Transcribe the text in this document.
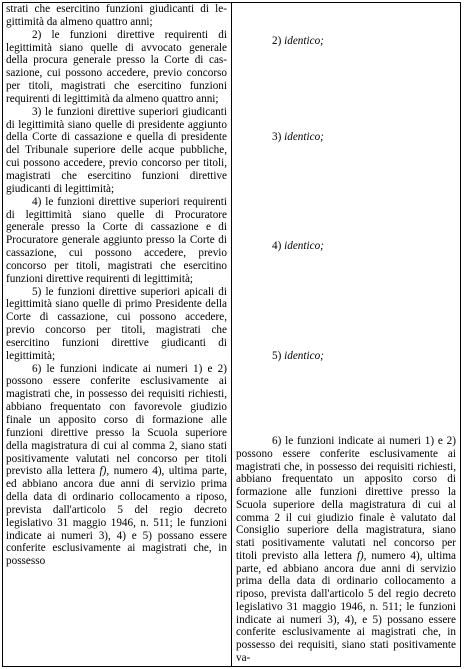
strati che esercitino funzioni giudicanti di legittimità da almeno quattro anni;

2) le funzioni direttive requirenti di legittimità siano quelle di avvocato generale della procura generale presso la Corte di cassazione, cui possono accedere, previo concorso per titoli, magistrati che esercitino funzioni requirenti di legittimità da almeno quattro anni;

3) le funzioni direttive superiori giudicanti di legittimità siano quelle di presidente aggiunto della Corte di cassazione e quella di presidente del Tribunale superiore delle acque pubbliche, cui possono accedere, previo concorso per titoli, magistrati che esercitino funzioni direttive giudicanti di legittimità;

4) le funzioni direttive superiori requirenti di legittimità siano quelle di Procuratore generale presso la Corte di cassazione e di Procuratore generale aggiunto presso la Corte di cassazione, cui possono accedere, previo concorso per titoli, magistrati che esercitino funzioni direttive requirenti di legittimità;

5) le funzioni direttive superiori apicali di legittimità siano quelle di primo Presidente della Corte di cassazione, cui possono accedere, previo concorso per titoli, magistrati che esercitino funzioni direttive giudicanti di legittimità;

6) le funzioni indicate ai numeri 1) e 2) possono essere conferite esclusivamente ai magistrati che, in possesso dei requisiti richiesti, abbiano frequentato con favorevole giudizio finale un apposito corso di formazione alle funzioni direttive presso la Scuola superiore della magistratura di cui al comma 2, siano stati positivamente valutati nel concorso per titoli previsto alla lettera f), numero 4), ultima parte, ed abbiano ancora due anni di servizio prima della data di ordinario collocamento a riposo, prevista dall'articolo 5 del regio decreto legislativo 31 maggio 1946, n. 511; le funzioni indicate ai numeri 3), 4) e 5) possano essere conferite esclusivamente ai magistrati che, in possesso

2) identico;
3) identico;
4) identico;
5) identico;

6) le funzioni indicate ai numeri 1) e 2) possono essere conferite esclusivamente ai magistrati che, in possesso dei requisiti richiesti, abbiano frequentato un apposito corso di formazione alle funzioni direttive presso la Scuola superiore della magistratura di cui al comma 2 il cui giudizio finale è valutato dal Consiglio superiore della magistratura, siano stati positivamente valutati nel concorso per titoli previsto alla lettera f), numero 4), ultima parte, ed abbiano ancora due anni di servizio prima della data di ordinario collocamento a riposo, prevista dall'articolo 5 del regio decreto legislativo 31 maggio 1946, n. 511; le funzioni indicate ai numeri 3), 4), e 5) possano essere conferite esclusivamente ai magistrati che, in possesso dei requisiti, siano stati positivamente va-
